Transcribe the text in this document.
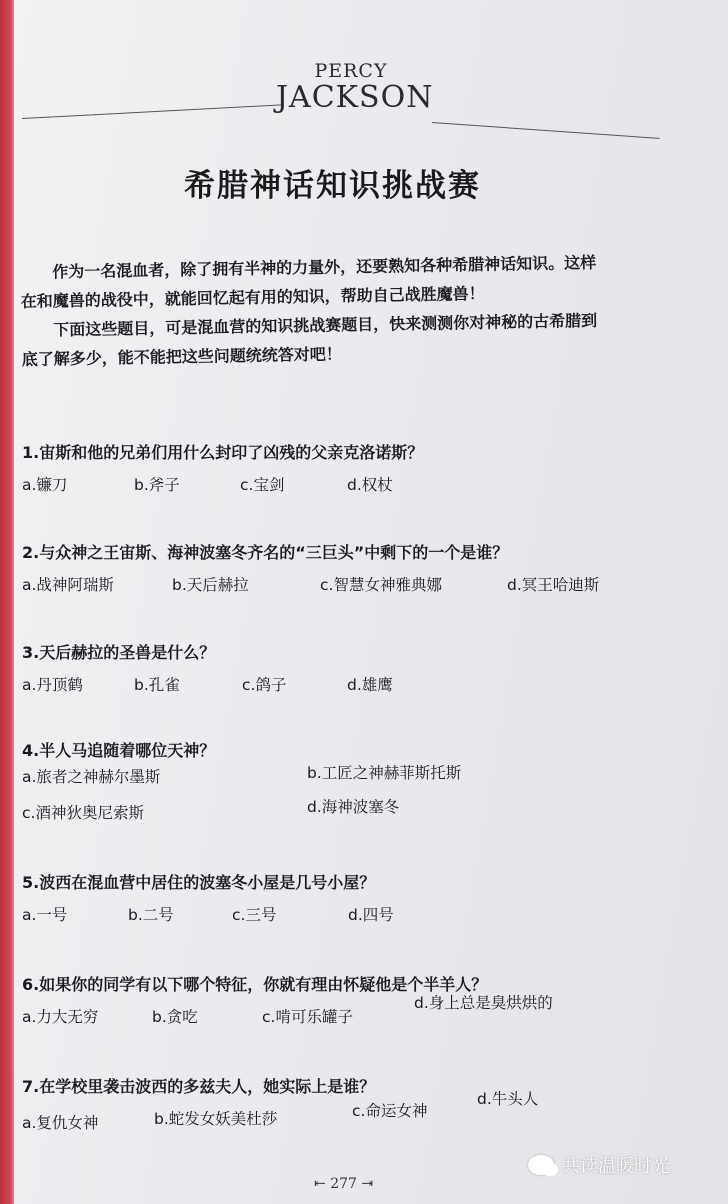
PERCY
JACKSON
希腊神话知识挑战赛

作为一名混血者，除了拥有半神的力量外，还要熟知各种希腊神话知识。这样

在和魔兽的战役中，就能回忆起有用的知识，帮助自己战胜魔兽！

下面这些题目，可是混血营的知识挑战赛题目，快来测测你对神秘的古希腊到

底了解多少，能不能把这些问题统统答对吧！

1.宙斯和他的兄弟们用什么封印了凶残的父亲克洛诺斯？
a.镰刀	b.斧子	c.宝剑	d.权杖
2.与众神之王宙斯、海神波塞冬齐名的“三巨头”中剩下的一个是谁？
a.战神阿瑞斯	b.天后赫拉	c.智慧女神雅典娜	d.冥王哈迪斯
3.天后赫拉的圣兽是什么？
a.丹顶鹤	b.孔雀	c.鸽子	d.雄鹰
4.半人马追随着哪位天神？
a.旅者之神赫尔墨斯	b.工匠之神赫菲斯托斯
c.酒神狄奥尼索斯	d.海神波塞冬
5.波西在混血营中居住的波塞冬小屋是几号小屋？
a.一号	b.二号	c.三号	d.四号
6.如果你的同学有以下哪个特征，你就有理由怀疑他是个半羊人？
a.力大无穷	b.贪吃	c.啃可乐罐子
d.身上总是臭烘烘的
7.在学校里袭击波西的多兹夫人，她实际上是谁？
a.复仇女神	b.蛇发女妖美杜莎	c.命运女神
d.牛头人
⇤ 277 ⇥
共读温暖时光
